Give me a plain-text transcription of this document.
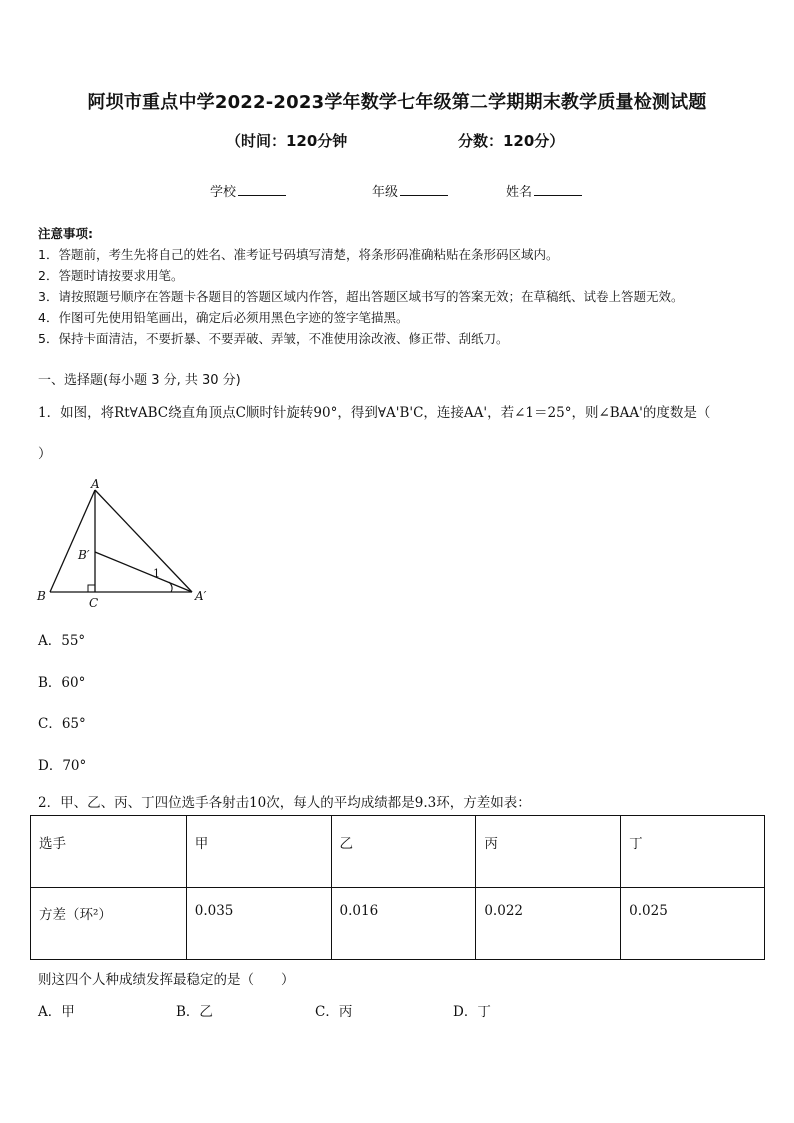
阿坝市重点中学2022-2023学年数学七年级第二学期期末教学质量检测试题
（时间：120分钟	分数：120分）
学校	年级	姓名
注意事项:
1．答题前，考生先将自己的姓名、准考证号码填写清楚，将条形码准确粘贴在条形码区域内。
2．答题时请按要求用笔。
3．请按照题号顺序在答题卡各题目的答题区域内作答，超出答题区域书写的答案无效；在草稿纸、试卷上答题无效。
4．作图可先使用铅笔画出，确定后必须用黑色字迹的签字笔描黑。
5．保持卡面清洁，不要折暴、不要弄破、弄皱，不准使用涂改液、修正带、刮纸刀。
一、选择题(每小题 3 分, 共 30 分)
1．如图，将Rt∀ABC绕直角顶点C顺时针旋转90°，得到∀A'B'C，连接AA'，若∠1＝25°，则∠BAA'的度数是（
）
A
B	C
B′
A′
1
A．55°
B．60°
C．65°
D．70°
2．甲、乙、丙、丁四位选手各射击10次，每人的平均成绩都是9.3环，方差如表：
选手	甲	乙	丙	丁
方差（环²）	0.035	0.016	0.022	0.025
则这四个人种成绩发挥最稳定的是（　　）
A．甲	B．乙	C．丙	D．丁
